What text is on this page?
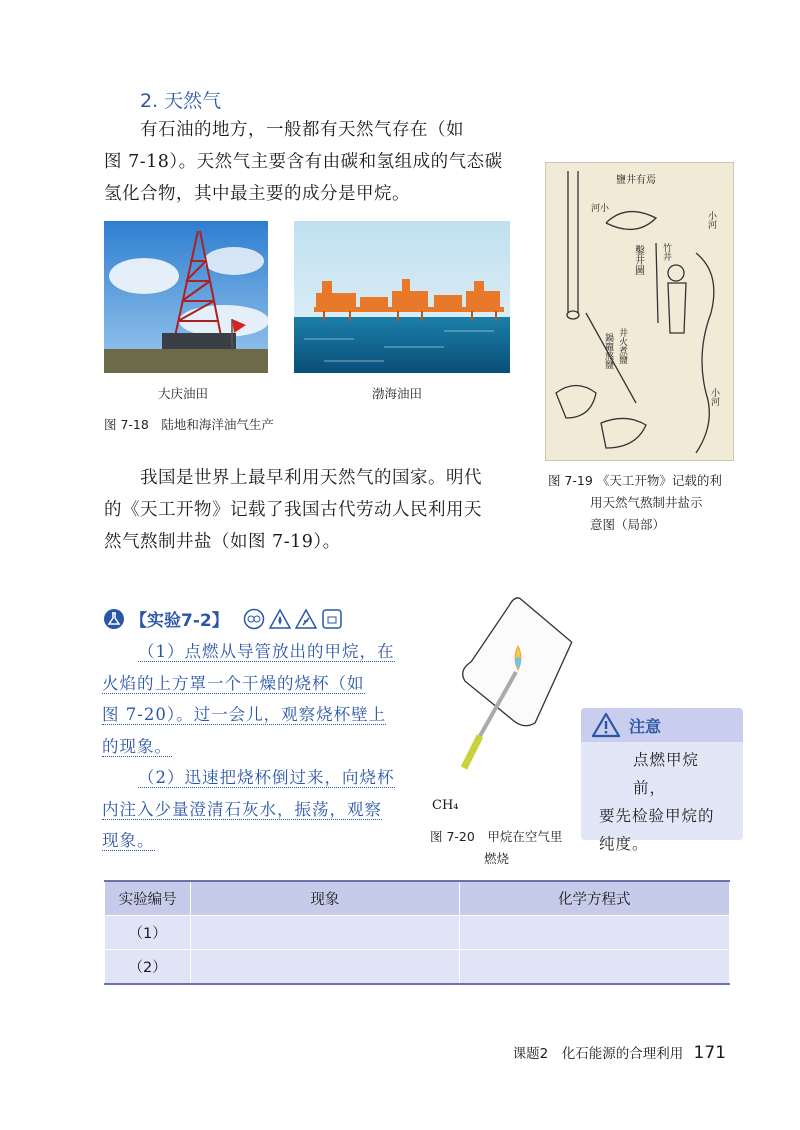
2. 天然气
有石油的地方，一般都有天然气存在（如
图 7-18）。天然气主要含有由碳和氢组成的气态碳
氢化合物，其中最主要的成分是甲烷。
大庆油田	渤海油田
图 7-18　陆地和海洋油气生产
鹽井有焉
河小
小河
竹井
鑿井圖
鍋竈熬鹽 井火煮鹽
小河
图 7-19 《天工开物》记载的利
用天然气熬制井盐示
意图（局部）
我国是世界上最早利用天然气的国家。明代
的《天工开物》记载了我国古代劳动人民利用天
然气熬制井盐（如图 7-19）。
【实验7-2】
（1）点燃从导管放出的甲烷，在
火焰的上方罩一个干燥的烧杯（如
图 7-20）。过一会儿，观察烧杯壁上
的现象。
（2）迅速把烧杯倒过来，向烧杯
内注入少量澄清石灰水，振荡，观察
现象。
CH₄
图 7-20　甲烷在空气里
燃烧
注意
点燃甲烷前，
要先检验甲烷的
纯度。
实验编号	现象	化学方程式
（1）		
（2）		
课题2　化石能源的合理利用 171
